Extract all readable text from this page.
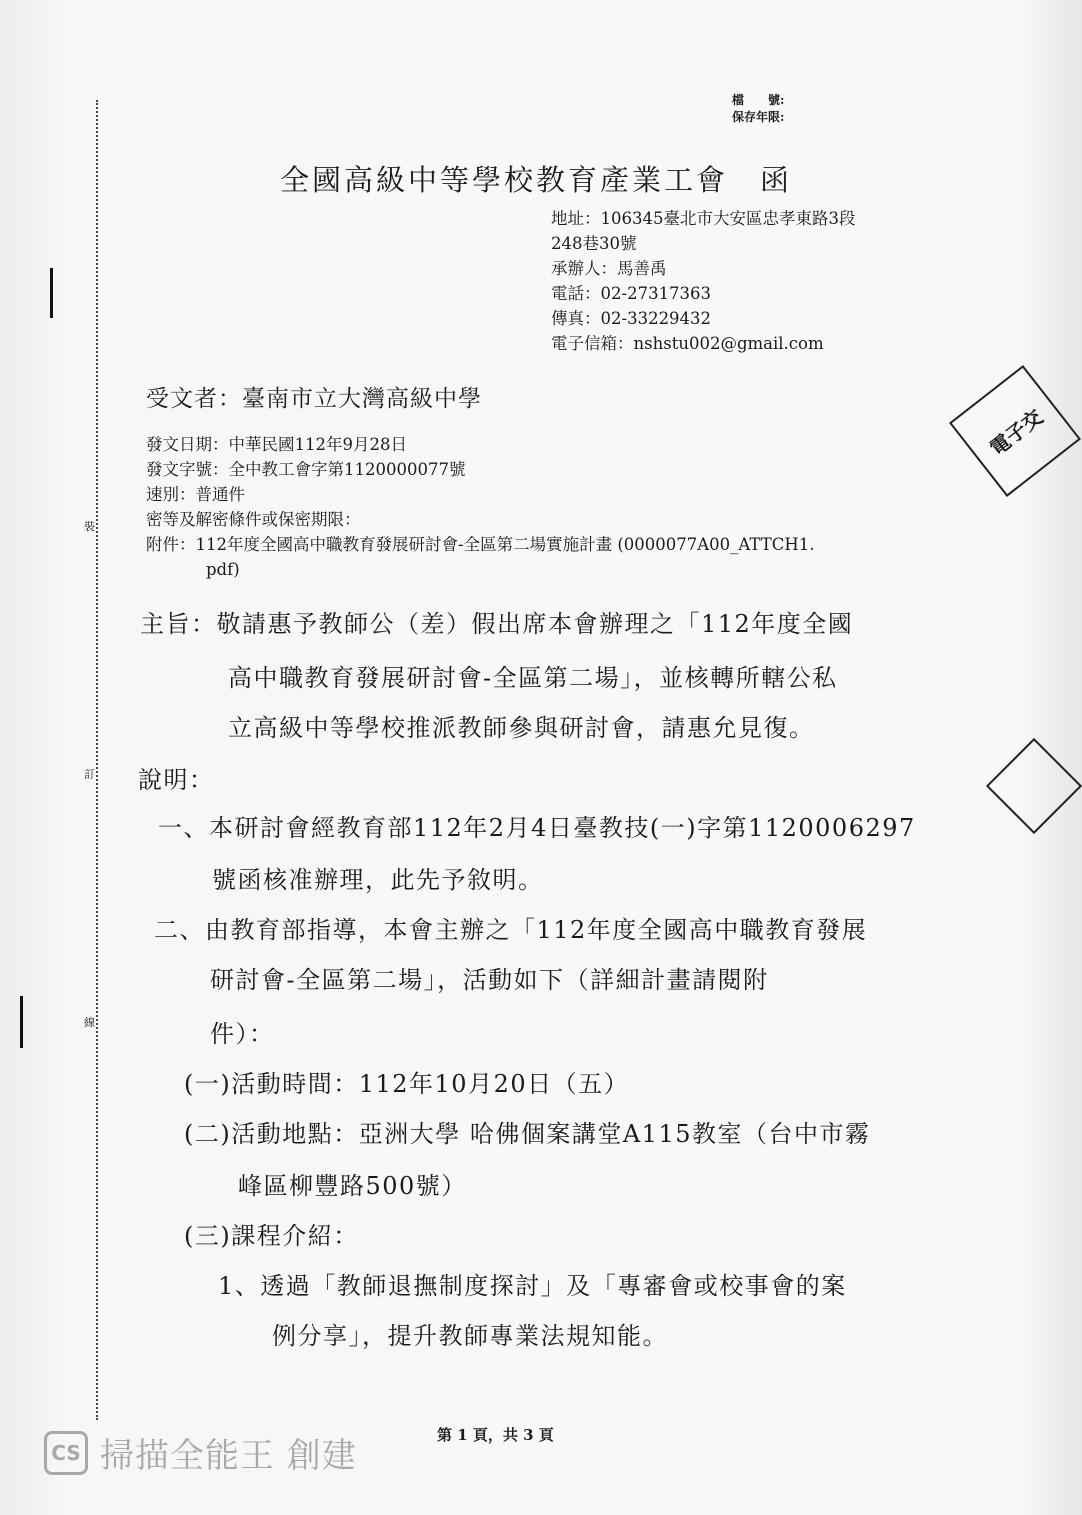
裝
訂
線
檔　　號:
保存年限:
全國高級中等學校教育產業工會　函
地址：106345臺北市大安區忠孝東路3段
248巷30號
承辦人：馬善禹
電話：02-27317363
傳真：02-33229432
電子信箱：nshstu002@gmail.com
受文者：臺南市立大灣高級中學
電子交
發文日期：中華民國112年9月28日
發文字號：全中教工會字第1120000077號
速別：普通件
密等及解密條件或保密期限：
附件：112年度全國高中職教育發展研討會-全區第二場實施計畫 (0000077A00_ATTCH1.
pdf)
主旨：敬請惠予教師公（差）假出席本會辦理之「112年度全國
高中職教育發展研討會-全區第二場」，並核轉所轄公私
立高級中等學校推派教師參與研討會，請惠允見復。
說明：
一、本研討會經教育部112年2月4日臺教技(一)字第1120006297
號函核准辦理，此先予敘明。
二、由教育部指導，本會主辦之「112年度全國高中職教育發展
研討會-全區第二場」，活動如下（詳細計畫請閱附
件）：
(一)活動時間：112年10月20日（五）
(二)活動地點：亞洲大學 哈佛個案講堂A115教室（台中市霧
峰區柳豐路500號）
(三)課程介紹：
1、透過「教師退撫制度探討」及「專審會或校事會的案
例分享」，提升教師專業法規知能。
第 1 頁，共 3 頁
CS 掃描全能王 創建
